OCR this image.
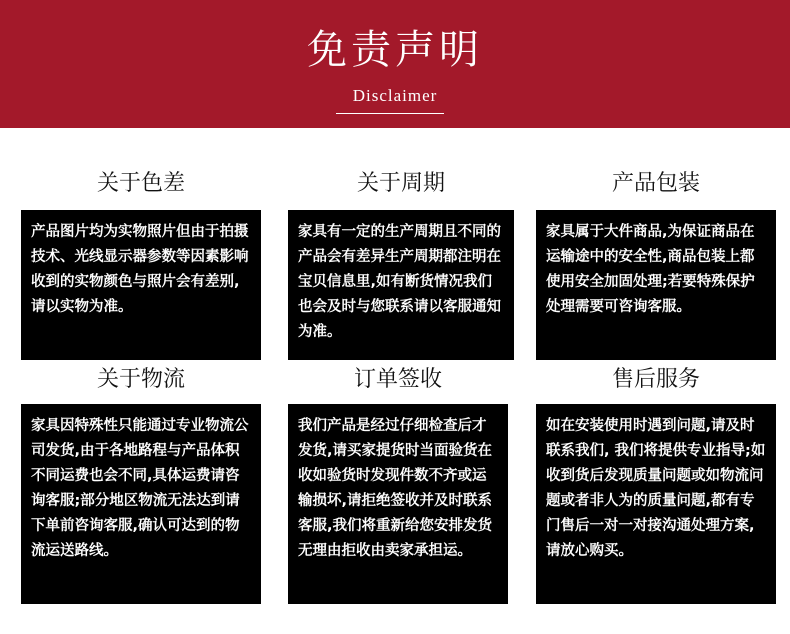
免责声明
Disclaimer
关于色差
产品图片均为实物照片但由于拍摄技术、光线显示器参数等因素影响收到的实物颜色与照片会有差别,请以实物为准。
关于周期
家具有一定的生产周期且不同的产品会有差异生产周期都注明在宝贝信息里,如有断货情况我们也会及时与您联系请以客服通知为准。
产品包装
家具属于大件商品,为保证商品在运输途中的安全性,商品包装上都使用安全加固处理;若要特殊保护处理需要可咨询客服。
关于物流
家具因特殊性只能通过专业物流公司发货,由于各地路程与产品体积不同运费也会不同,具体运费请咨询客服;部分地区物流无法达到请下单前咨询客服,确认可达到的物流运送路线。
订单签收
我们产品是经过仔细检查后才发货,请买家提货时当面验货在收如验货时发现件数不齐或运输损坏,请拒绝签收并及时联系客服,我们将重新给您安排发货无理由拒收由卖家承担运。
售后服务
如在安装使用时遇到问题,请及时联系我们, 我们将提供专业指导;如收到货后发现质量问题或如物流问题或者非人为的质量问题,都有专门售后一对一对接沟通处理方案,请放心购买。
